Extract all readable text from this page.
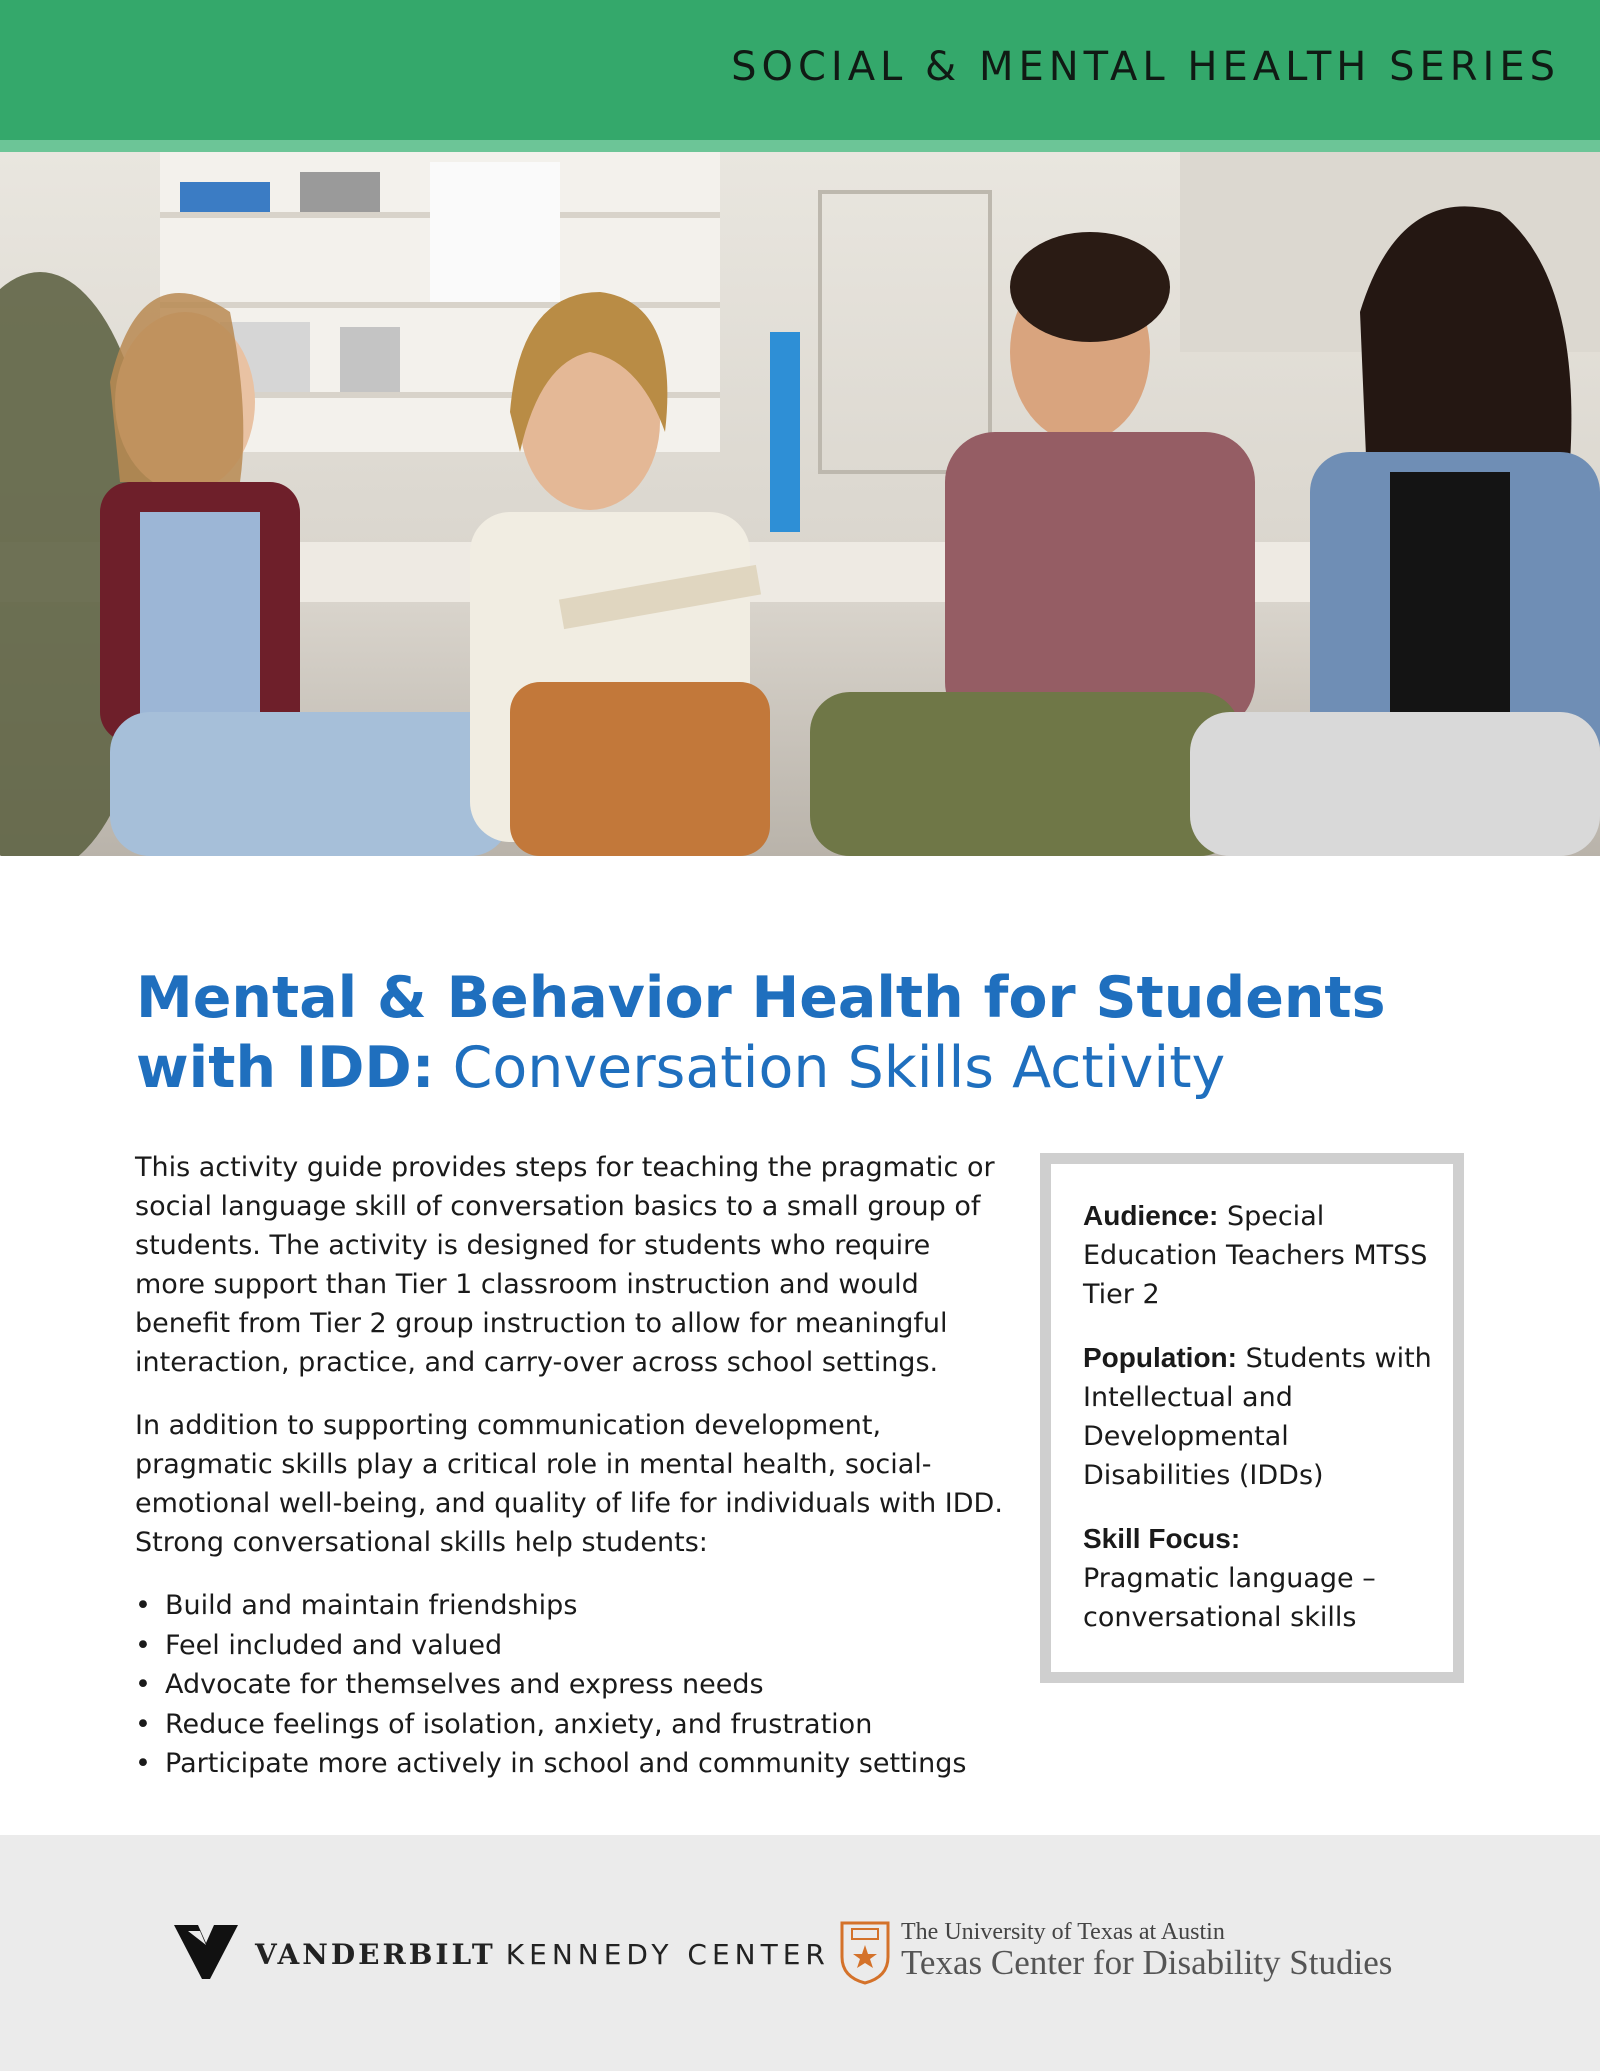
SOCIAL & MENTAL HEALTH SERIES
Mental & Behavior Health for Students with IDD: Conversation Skills Activity

This activity guide provides steps for teaching the pragmatic or social language skill of conversation basics to a small group of students. The activity is designed for students who require more support than Tier 1 classroom instruction and would benefit from Tier 2 group instruction to allow for meaningful interaction, practice, and carry-over across school settings.

In addition to supporting communication development, pragmatic skills play a critical role in mental health, social-emotional well-being, and quality of life for individuals with IDD. Strong conversational skills help students:

• Build and maintain friendships
• Feel included and valued
• Advocate for themselves and express needs
• Reduce feelings of isolation, anxiety, and frustration
• Participate more actively in school and community settings
Audience: Special Education Teachers MTSS Tier 2
Population: Students with Intellectual and Developmental Disabilities (IDDs)
Skill Focus:
Pragmatic language – conversational skills
VANDERBILT KENNEDY CENTER
The University of Texas at Austin
Texas Center for Disability Studies
